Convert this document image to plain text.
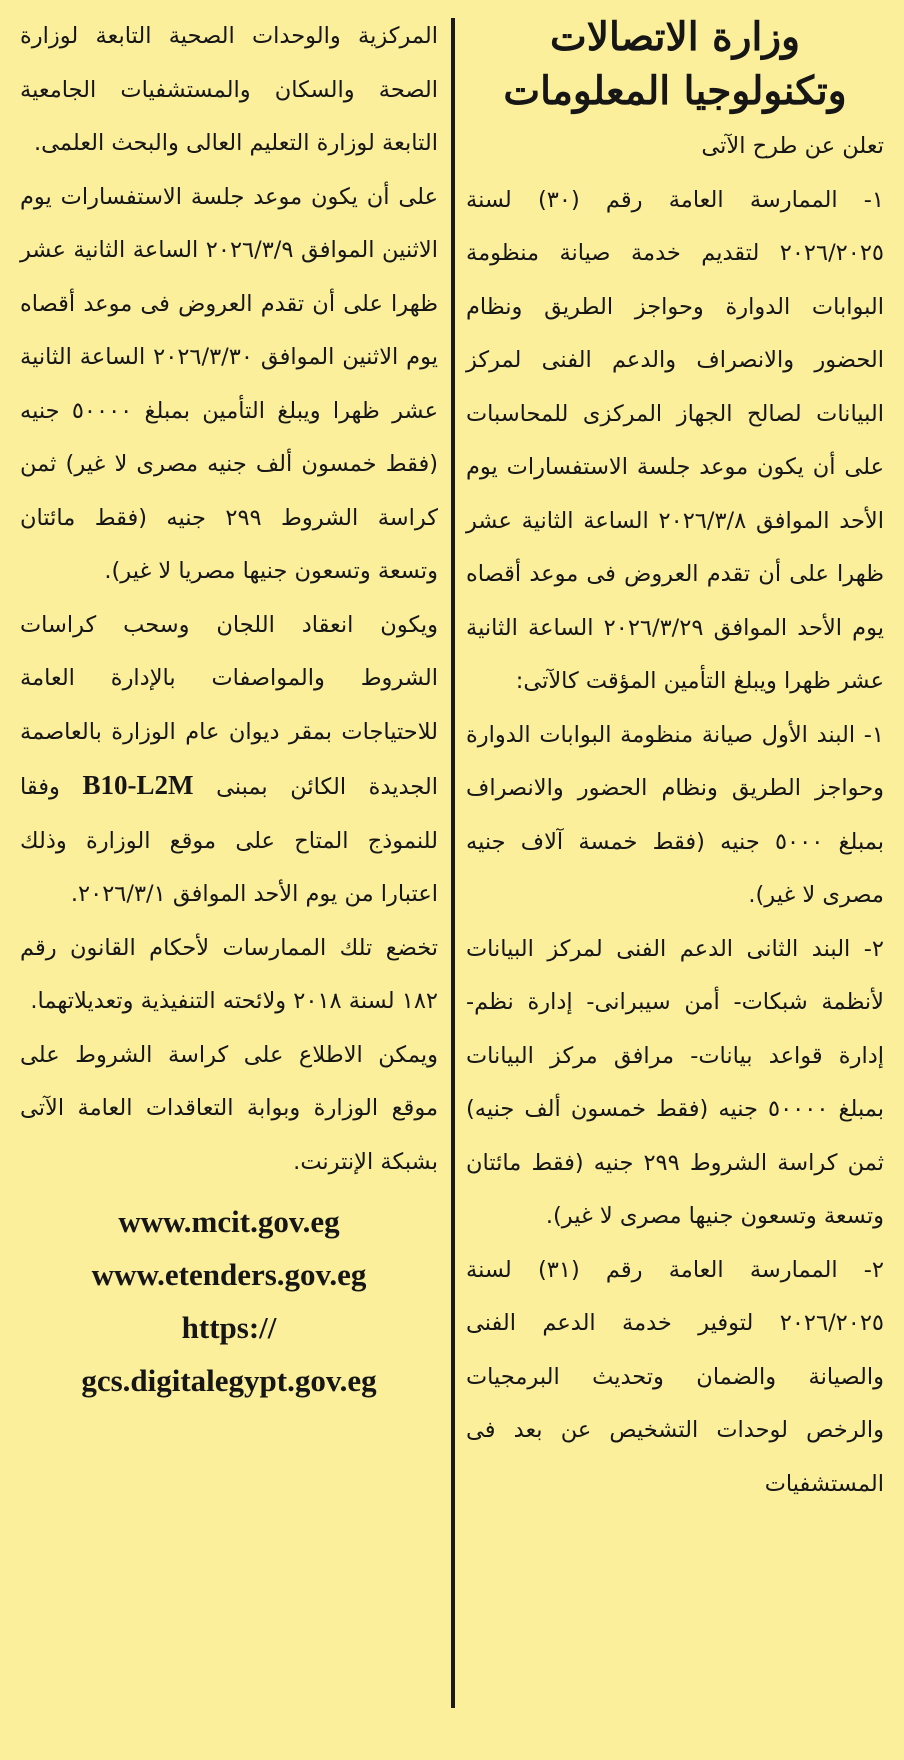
وزارة الاتصالات
وتكنولوجيا المعلومات

تعلن عن طرح الآتى

١- الممارسة العامة رقم (٣٠) لسنة ٢٠٢٦/٢٠٢٥ لتقديم خدمة صيانة منظومة البوابات الدوارة وحواجز الطريق ونظام الحضور والانصراف والدعم الفنى لمركز البيانات لصالح الجهاز المركزى للمحاسبات على أن يكون موعد جلسة الاستفسارات يوم الأحد الموافق ٢٠٢٦/٣/٨ الساعة الثانية عشر ظهرا على أن تقدم العروض فى موعد أقصاه يوم الأحد الموافق ٢٠٢٦/٣/٢٩ الساعة الثانية عشر ظهرا ويبلغ التأمين المؤقت كالآتى:

١- البند الأول صيانة منظومة البوابات الدوارة وحواجز الطريق ونظام الحضور والانصراف بمبلغ ٥٠٠٠ جنيه (فقط خمسة آلاف جنيه مصرى لا غير).

٢- البند الثانى الدعم الفنى لمركز البيانات لأنظمة شبكات- أمن سيبرانى- إدارة نظم- إدارة قواعد بيانات- مرافق مركز البيانات بمبلغ ٥٠٠٠٠ جنيه (فقط خمسون ألف جنيه) ثمن كراسة الشروط ٢٩٩ جنيه (فقط مائتان وتسعة وتسعون جنيها مصرى لا غير).

٢- الممارسة العامة رقم (٣١) لسنة ٢٠٢٦/٢٠٢٥ لتوفير خدمة الدعم الفنى والصيانة والضمان وتحديث البرمجيات والرخص لوحدات التشخيص عن بعد فى المستشفيات

المركزية والوحدات الصحية التابعة لوزارة الصحة والسكان والمستشفيات الجامعية التابعة لوزارة التعليم العالى والبحث العلمى.

على أن يكون موعد جلسة الاستفسارات يوم الاثنين الموافق ٢٠٢٦/٣/٩ الساعة الثانية عشر ظهرا على أن تقدم العروض فى موعد أقصاه يوم الاثنين الموافق ٢٠٢٦/٣/٣٠ الساعة الثانية عشر ظهرا ويبلغ التأمين بمبلغ ٥٠٠٠٠ جنيه (فقط خمسون ألف جنيه مصرى لا غير) ثمن كراسة الشروط ٢٩٩ جنيه (فقط مائتان وتسعة وتسعون جنيها مصريا لا غير).

ويكون انعقاد اللجان وسحب كراسات الشروط والمواصفات بالإدارة العامة للاحتياجات بمقر ديوان عام الوزارة بالعاصمة الجديدة الكائن بمبنى B10-L2M وفقا للنموذج المتاح على موقع الوزارة وذلك اعتبارا من يوم الأحد الموافق ٢٠٢٦/٣/١.

تخضع تلك الممارسات لأحكام القانون رقم ١٨٢ لسنة ٢٠١٨ ولائحته التنفيذية وتعديلاتهما.

ويمكن الاطلاع على كراسة الشروط على موقع الوزارة وبوابة التعاقدات العامة الآتى بشبكة الإنترنت.

www.mcit.gov.eg
www.etenders.gov.eg
https://
gcs.digitalegypt.gov.eg
